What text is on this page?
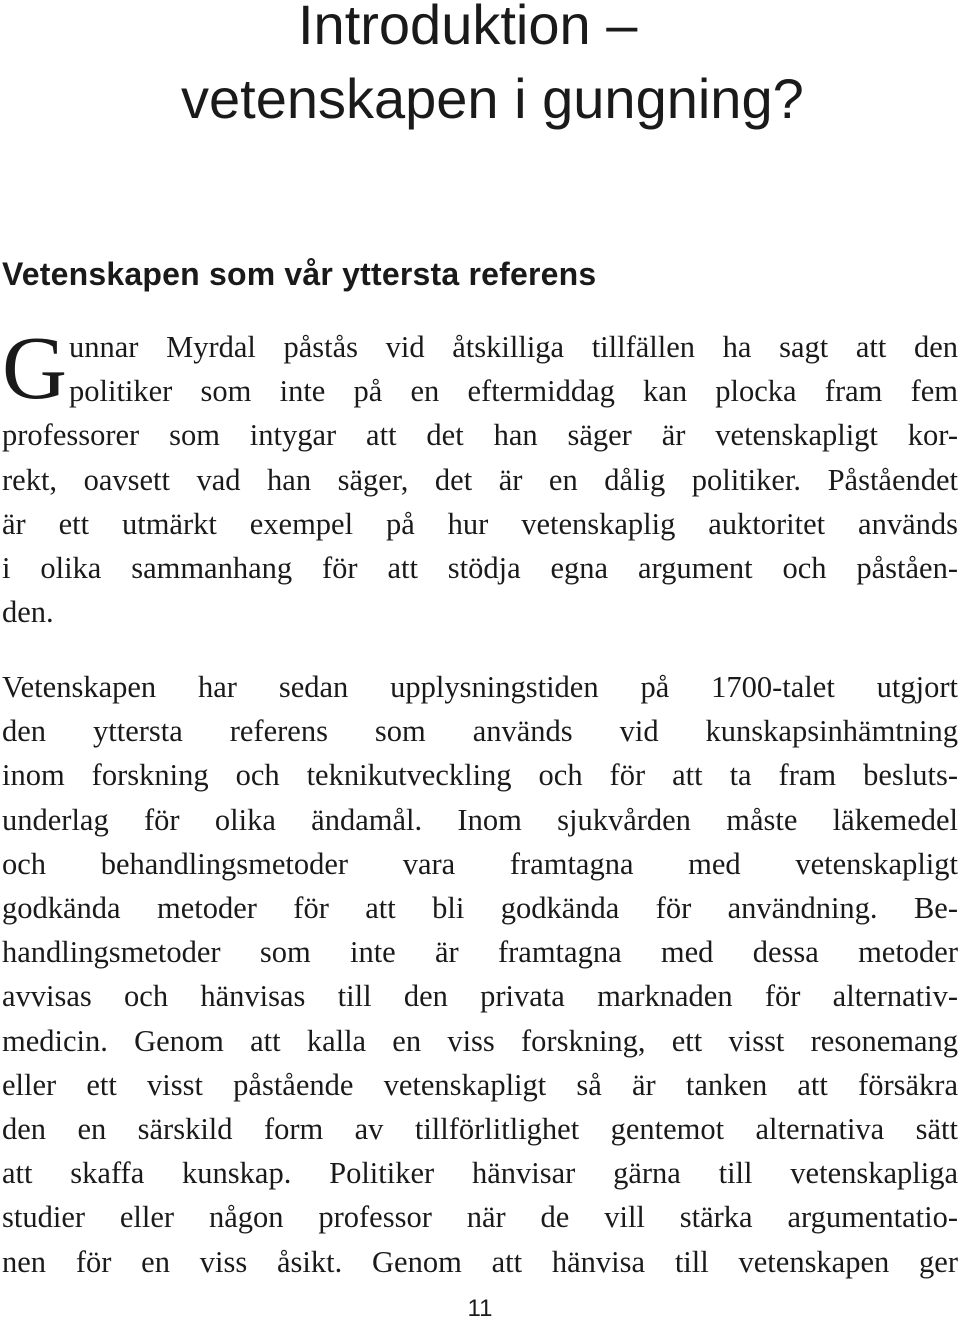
Introduktion –
vetenskapen i gungning?
Vetenskapen som vår yttersta referens
G unnar Myrdal påstås vid åtskilliga tillfällen ha sagt att den
politiker som inte på en eftermiddag kan plocka fram fem
professorer som intygar att det han säger är vetenskapligt kor-
rekt, oavsett vad han säger, det är en dålig politiker. Påståendet
är ett utmärkt exempel på hur vetenskaplig auktoritet används
i olika sammanhang för att stödja egna argument och påståen-
den.
Vetenskapen har sedan upplysningstiden på 1700-talet utgjort
den yttersta referens som används vid kunskapsinhämtning
inom forskning och teknikutveckling och för att ta fram besluts-
underlag för olika ändamål. Inom sjukvården måste läkemedel
och behandlingsmetoder vara framtagna med vetenskapligt
godkända metoder för att bli godkända för användning. Be-
handlingsmetoder som inte är framtagna med dessa metoder
avvisas och hänvisas till den privata marknaden för alternativ-
medicin. Genom att kalla en viss forskning, ett visst resonemang
eller ett visst påstående vetenskapligt så är tanken att försäkra
den en särskild form av tillförlitlighet gentemot alternativa sätt
att skaffa kunskap. Politiker hänvisar gärna till vetenskapliga
studier eller någon professor när de vill stärka argumentatio-
nen för en viss åsikt. Genom att hänvisa till vetenskapen ger
11
